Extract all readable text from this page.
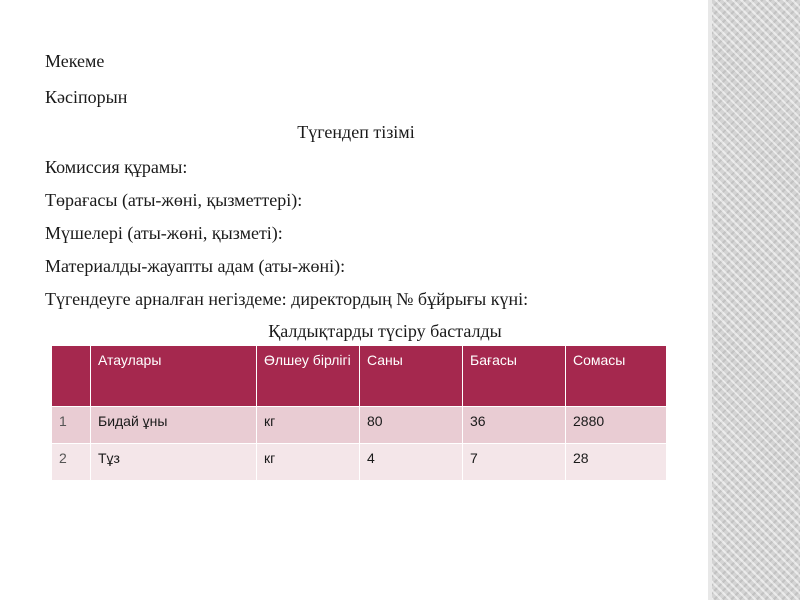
Мекеме
Кәсіпорын
Түгендеп тізімі
Комиссия құрамы:
Төрағасы (аты-жөні, қызметтері):
Мүшелері (аты-жөні, қызметі):
Материалды-жауапты адам (аты-жөні):
Түгендеуге арналған негіздеме: директордың № бұйрығы күні:
Қалдықтарды түсіру басталды
	Атаулары	Өлшеу бірлігі	Саны	Бағасы	Сомасы
1	Бидай ұны	кг	80	36	2880
2	Тұз	кг	4	7	28
